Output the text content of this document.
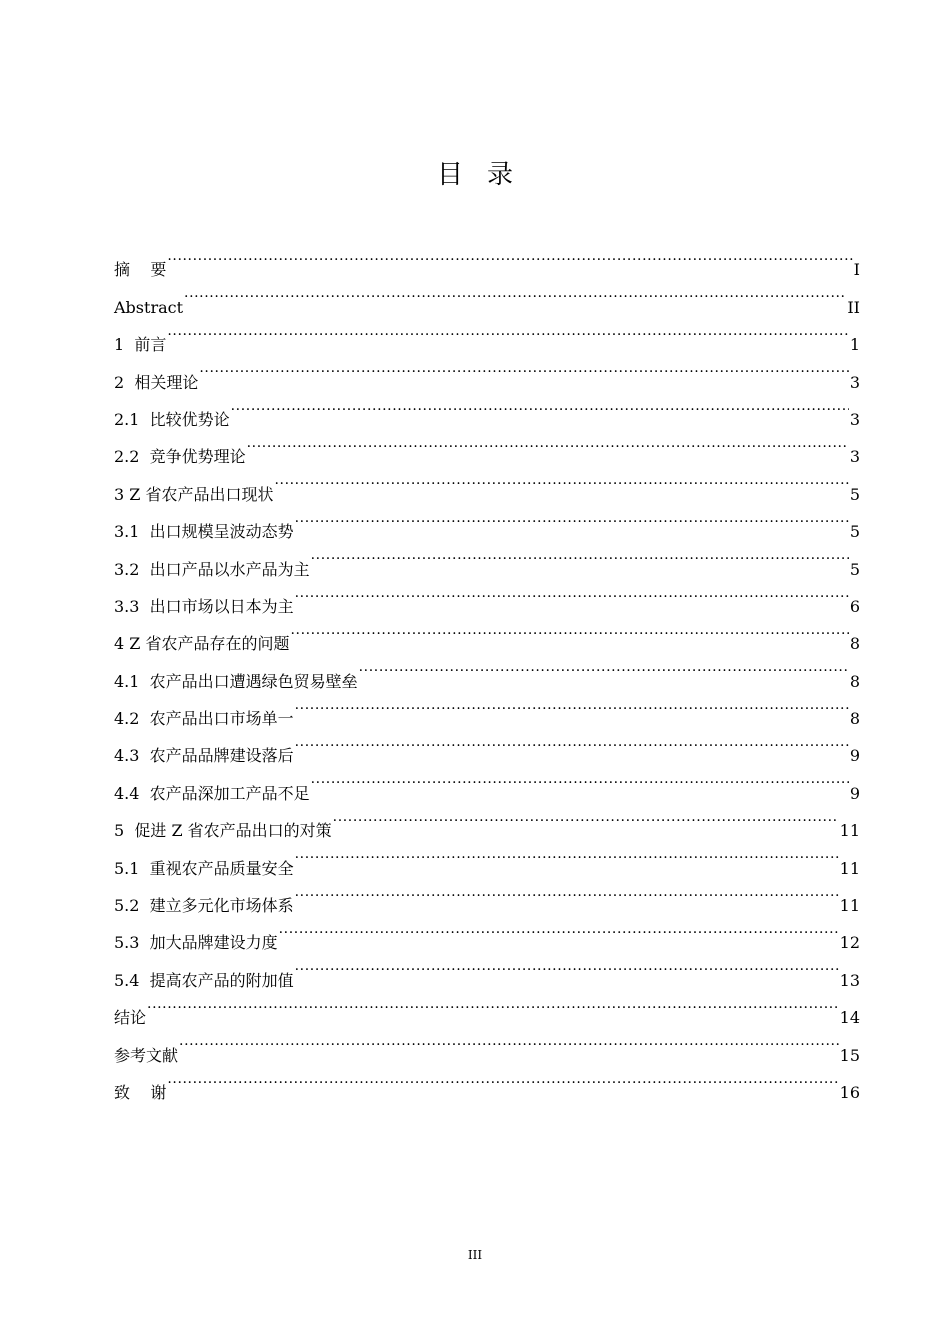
目 录
摘    要 .....	I
Abstract .....	II
1  前言 .....	1
2  相关理论 .....	3
2.1  比较优势论 .....	3
2.2  竞争优势理论 .....	3
3 Z 省农产品出口现状 .....	5
3.1  出口规模呈波动态势 .....	5
3.2  出口产品以水产品为主 .....	5
3.3  出口市场以日本为主 .....	6
4 Z 省农产品存在的问题 .....	8
4.1  农产品出口遭遇绿色贸易壁垒 .....	8
4.2  农产品出口市场单一 .....	8
4.3  农产品品牌建设落后 .....	9
4.4  农产品深加工产品不足 .....	9
5  促进 Z 省农产品出口的对策 .....	11
5.1  重视农产品质量安全 .....	11
5.2  建立多元化市场体系 .....	11
5.3  加大品牌建设力度 .....	12
5.4  提高农产品的附加值 .....	13
结论 .....	14
参考文献 .....	15
致    谢 .....	16
III
